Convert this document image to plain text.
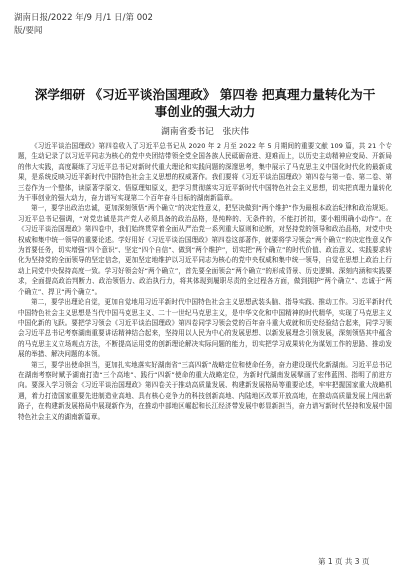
湖南日报/2022 年/9 月/1 日/第 002
版/要闻
深学细研 《习近平谈治国理政》 第四卷 把真理力量转化为干
事创业的强大动力
湖南省委书记　张庆伟

《习近平谈治国理政》第四卷收入了习近平总书记从 2020 年 2 月至 2022 年 5 月期间的重要文献 109 篇，共 21 个专题，生动记录了以习近平同志为核心的党中央团结带领全党全国各族人民砥砺奋进、迎难而上，以历史主动精神应变局、开新局的伟大实践，高度凝练了习近平总书记对新时代重大理论和实践问题的深邃思考，集中展示了马克思主义中国化时代化的最新成果，是系统反映习近平新时代中国特色社会主义思想的权威著作。我们要将《习近平谈治国理政》第四卷与第一卷、第二卷、第三卷作为一个整体，读原著学原文、悟原理知原义，把学习贯彻落实习近平新时代中国特色社会主义思想，切实把真理力量转化为干事创业的强大动力，奋力谱写实现第二个百年奋斗目标的湖南新篇章。

第一，要学出政治忠诚，更加深刻领悟“两个确立”的决定性意义，把坚决做到“两个维护”作为最根本政治纪律和政治规矩。习近平总书记强调，“对党忠诚是共产党人必须具备的政治品格，是纯粹的、无条件的，不能打折扣，要小粗明确小动作”。在《习近平谈治国理政》第四卷中，我们始终贯穿着全面从严治党一系列重大原则和论断，对坚持党的领导和政治品格，对党中央权威和集中统一领导的重要论述。学好用好《习近平谈治国理政》第四卷这部著作，就要将学习领会“两个确立”的决定性意义作为首要任务，切实增强“四个意识”、坚定“四个自信”、做到“两个维护”，切实把“两个确立”的时代价值、政治意义、实践要求转化为坚持党的全面领导的坚定信念，更加坚定地维护以习近平同志为核心的党中央权威和集中统一领导，自觉在思想上政治上行动上同党中央保持高度一致。学习好领会好“两个确立”，首先要全面领会“两个确立”的形成背景、历史逻辑、深刻内涵和实践要求，全面提高政治判断力、政治领悟力、政治执行力，将其体现到履职尽责的全过程各方面，做到拥护“两个确立”、忠诚于“两个确立”、捍卫“两个确立”。

第二，要学出理论自觉，更加自觉地用习近平新时代中国特色社会主义思想武装头脑、指导实践、推动工作。习近平新时代中国特色社会主义思想是当代中国马克思主义、二十一世纪马克思主义，是中华文化和中国精神的时代精华，实现了马克思主义中国化新的飞跃。要把学习领会《习近平谈治国理政》第四卷同学习领会党的百年奋斗重大成就和历史经验结合起来，同学习领会习近平总书记考察湖南重要讲话精神结合起来，坚持用以人民为中心的发展思想、以新发展理念引领发展，深刻领悟其中蕴含的马克思主义立场观点方法，不断提高运用党的创新理论解决实际问题的能力，切实把学习成果转化为谋划工作的思路、推动发展的举措、解决问题的本领。

第三，要学出使命担当，更加扎实地落实好湖南省“三高四新”战略定位和使命任务，奋力建设现代化新湖南。习近平总书记在湖南考察时赋予湖南打造“三个高地”、践行“四新”使命的重大战略定位，为新时代湖南发展擘画了宏伟蓝图、指明了前进方向。要深入学习领会《习近平谈治国理政》第四卷关于推动高质量发展、构建新发展格局等重要论述，牢牢把握国家重大战略机遇，着力打造国家重要先进制造业高地、具有核心竞争力的科技创新高地、内陆地区改革开放高地，在推动高质量发展上闯出新路子，在构建新发展格局中展现新作为，在推动中部地区崛起和长江经济带发展中彰显新担当，奋力谱写新时代坚持和发展中国特色社会主义的湖南新篇章。

第 1 页 共 3 页
